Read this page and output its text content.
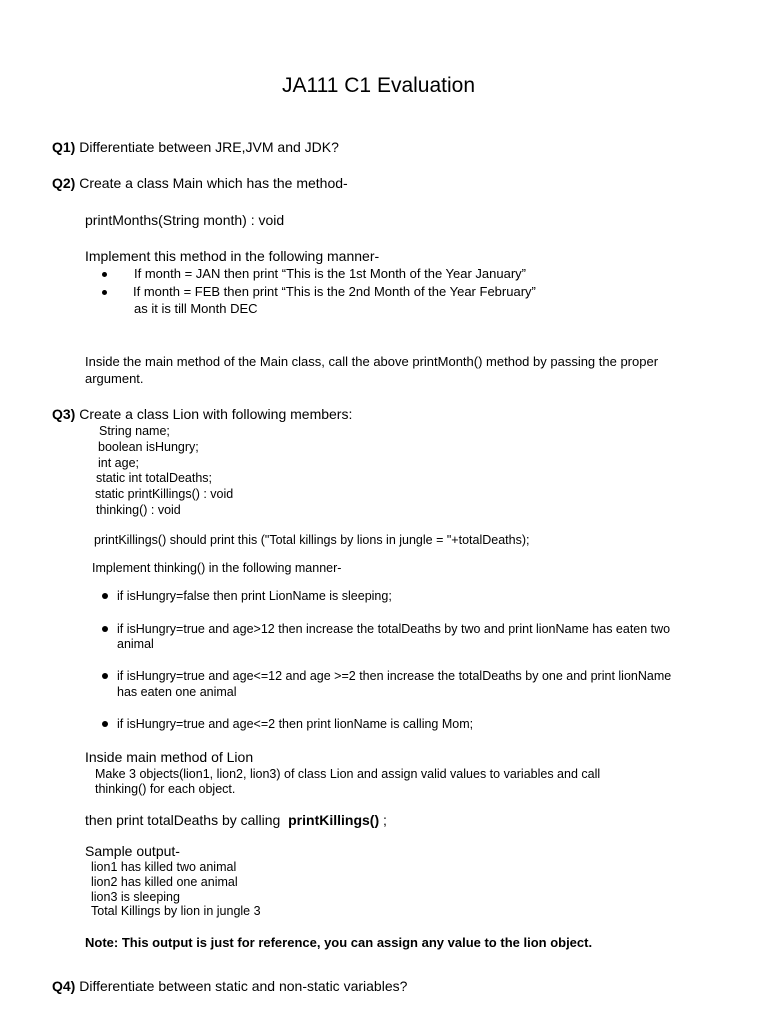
JA111 C1 Evaluation
Q1) Differentiate between JRE,JVM and JDK?
Q2) Create a class Main which has the method-
printMonths(String month) : void
Implement this method in the following manner-
If month = JAN then print “This is the 1st Month of the Year January”
If month = FEB then print “This is the 2nd Month of the Year February”
as it is till Month DEC
Inside the main method of the Main class, call the above printMonth() method by passing the proper
argument.
Q3) Create a class Lion with following members:
String name;
boolean isHungry;
int age;
static int totalDeaths;
static printKillings() : void
thinking() : void
printKillings() should print this ("Total killings by lions in jungle = "+totalDeaths);
Implement thinking() in the following manner-
if isHungry=false then print LionName is sleeping;
if isHungry=true and age>12 then increase the totalDeaths by two and print lionName has eaten two
animal
if isHungry=true and age<=12 and age >=2 then increase the totalDeaths by one and print lionName
has eaten one animal
if isHungry=true and age<=2 then print lionName is calling Mom;
Inside main method of Lion
Make 3 objects(lion1, lion2, lion3) of class Lion and assign valid values to variables and call
thinking() for each object.
then print totalDeaths by calling printKillings() ;
Sample output-
lion1 has killed two animal
lion2 has killed one animal
lion3 is sleeping
Total Killings by lion in jungle 3
Note: This output is just for reference, you can assign any value to the lion object.
Q4) Differentiate between static and non-static variables?
